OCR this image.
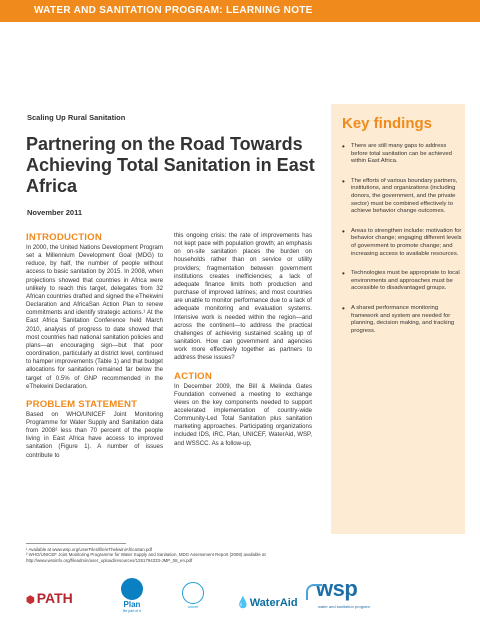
WATER AND SANITATION PROGRAM: LEARNING NOTE
Scaling Up Rural Sanitation
Partnering on the Road Towards Achieving Total Sanitation in East Africa
November 2011
INTRODUCTION

In 2000, the United Nations Development Program set a Millennium Development Goal (MDG) to reduce, by half, the number of people without access to basic sanitation by 2015. In 2008, when projections showed that countries in Africa were unlikely to reach this target, delegates from 32 African countries drafted and signed the eThekwini Declaration and AfricaSan Action Plan to renew commitments and identify strategic actions.¹ At the East Africa Sanitation Conference held March 2010, analysis of progress to date showed that most countries had national sanitation policies and plans—an encouraging sign—but that poor coordination, particularly at district level, continued to hamper improvements (Table 1) and that budget allocations for sanitation remained far below the target of 0.5% of GNP recommended in the eThekwini Declaration.

PROBLEM STATEMENT

Based on WHO/UNICEF Joint Monitoring Programme for Water Supply and Sanitation data from 2008² less than 70 percent of the people living in East Africa have access to improved sanitation (Figure 1). A number of issues contribute to

this ongoing crisis: the rate of improvements has not kept pace with population growth; an emphasis on on-site sanitation places the burden on households rather than on service or utility providers; fragmentation between government institutions creates inefficiencies; a lack of adequate finance limits both production and purchase of improved latrines; and most countries are unable to monitor performance due to a lack of adequate monitoring and evaluation systems. Intensive work is needed within the region—and across the continent—to address the practical challenges of achieving sustained scaling up of sanitation. How can government and agencies work more effectively together as partners to address these issues?

ACTION

In December 2009, the Bill & Melinda Gates Foundation convened a meeting to exchange views on the key components needed to support accelerated implementation of country-wide Community-Led Total Sanitation plus sanitation marketing approaches. Participating organizations included IDS, IRC, Plan, UNICEF, WaterAid, WSP, and WSSCC. As a follow-up,

Key findings
• There are still many gaps to address before total sanitation can be achieved within East Africa.
• The efforts of various boundary partners, institutions, and organizations (including donors, the government, and the private sector) must be combined effectively to achieve behavior change outcomes.
• Areas to strengthen include: motivation for behavior change; engaging different levels of government to promote change; and increasing access to available resources.
• Technologies must be appropriate to local environments and approaches must be accessible to disadvantaged groups.
• A shared performance monitoring framework and system are needed for planning, decision making, and tracking progress.
¹ Available at www.wsp.org/UserFiles/file/eThekwiniAfricaSan.pdf
² WHO/UNICEF Joint Monitoring Programme for Water Supply and Sanitation, MDG Assessment Report (2008) available at http://www.wssinfo.org/fileadmin/user_upload/resources/1251794333-JMP_08_en.pdf
⬢ PATH	Plan
Be part of it
unicef	💧WaterAid
wsp
water and sanitation program
